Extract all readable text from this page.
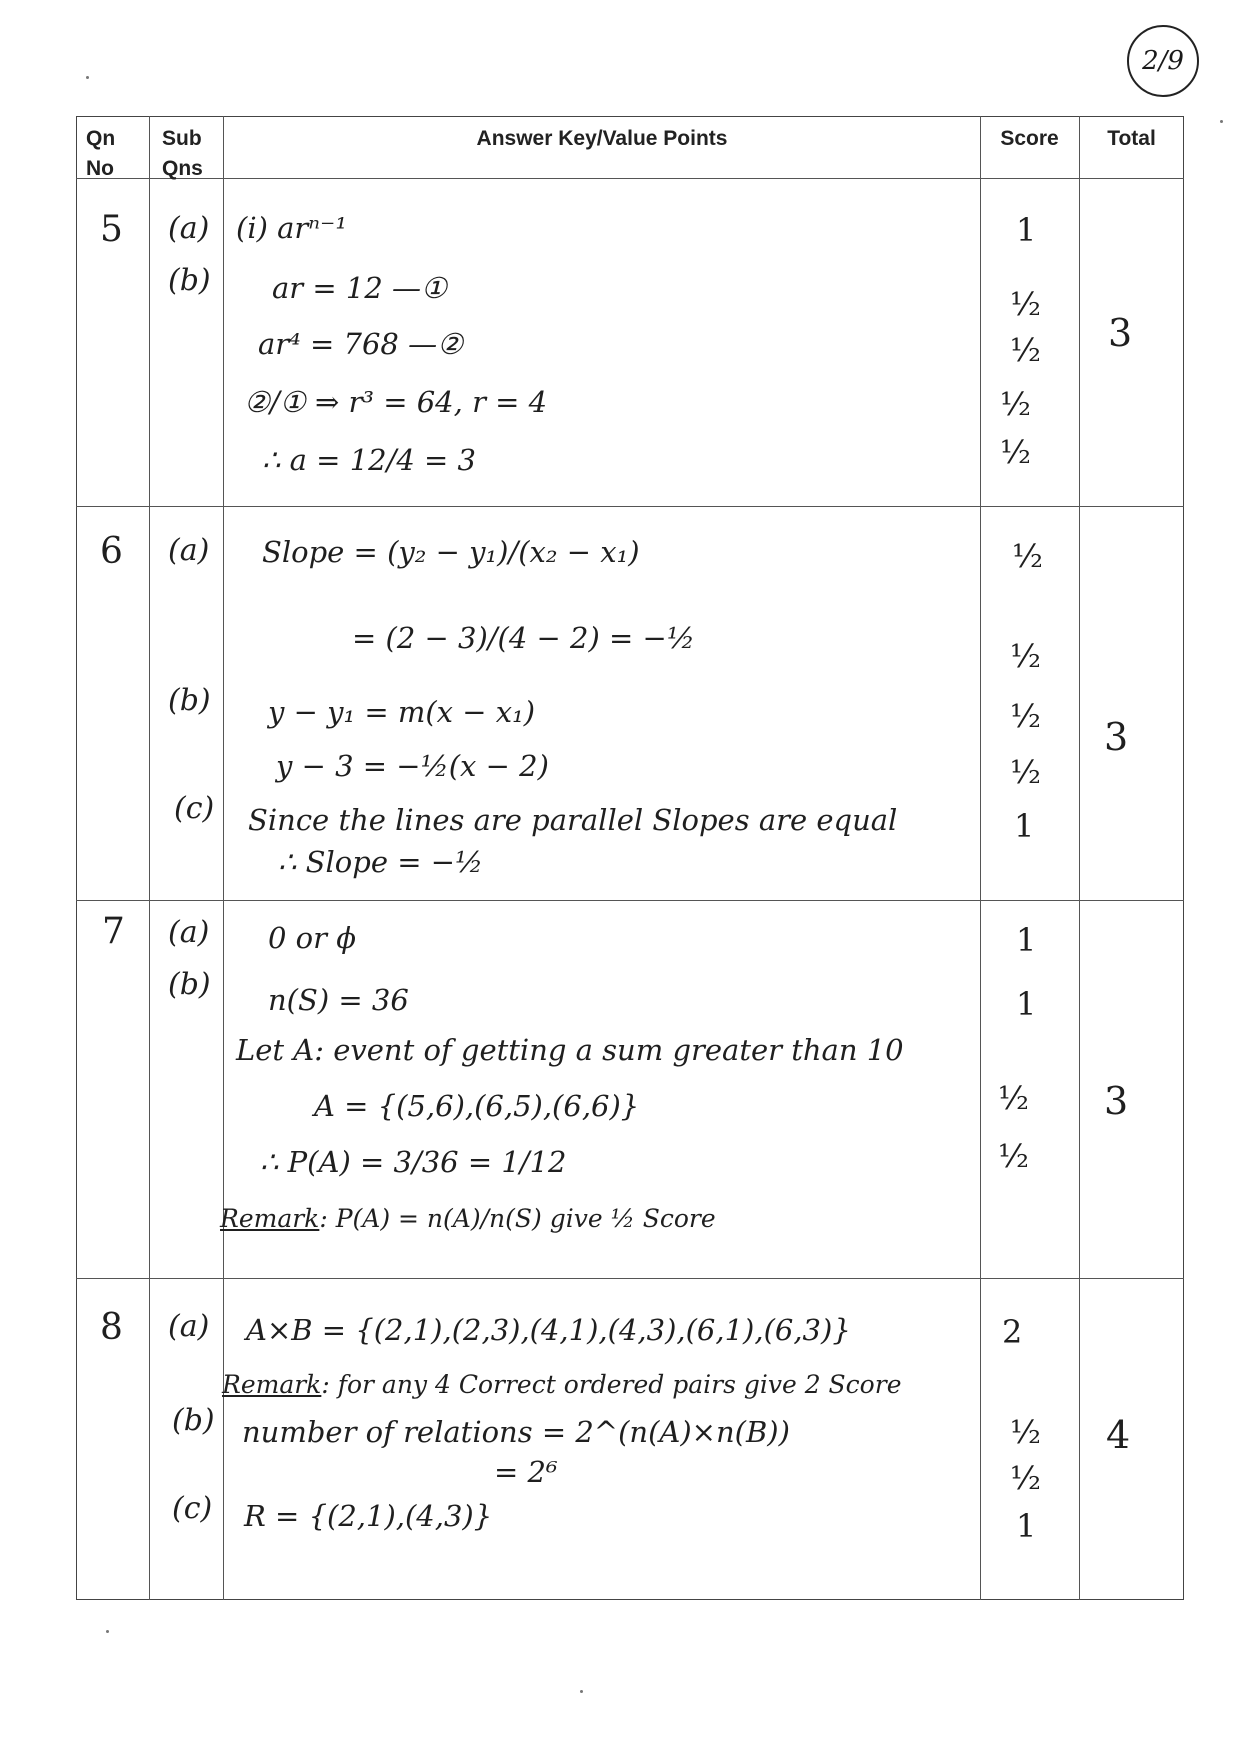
2/9
Qn No
Sub Qns
Answer Key/Value Points	Score	Total
5 (a)
(b)
(i) arⁿ⁻¹
ar = 12 —①
ar⁴ = 768 —②
②/① ⇒ r³ = 64, r = 4
∴ a = 12/4 = 3
1
½
½
½
½
3
6 (a)
(b)
(c)
Slope = (y₂ − y₁)/(x₂ − x₁)
= (2 − 3)/(4 − 2) = −½
y − y₁ = m(x − x₁)
y − 3 = −½(x − 2)
Since the lines are parallel Slopes are equal
∴ Slope = −½
½
½
½
½
1
3
7 (a)
(b)
0 or ϕ
n(S) = 36
Let A: event of getting a sum greater than 10
A = {(5,6),(6,5),(6,6)}
∴ P(A) = 3/36 = 1/12
Remark: P(A) = n(A)/n(S) give ½ Score
1
1
½
½
3
8 (a)
(b)
(c)
A×B = {(2,1),(2,3),(4,1),(4,3),(6,1),(6,3)}
Remark: for any 4 Correct ordered pairs give 2 Score
number of relations = 2^(n(A)×n(B))
= 2⁶
R = {(2,1),(4,3)}
2
½
½
1
4
